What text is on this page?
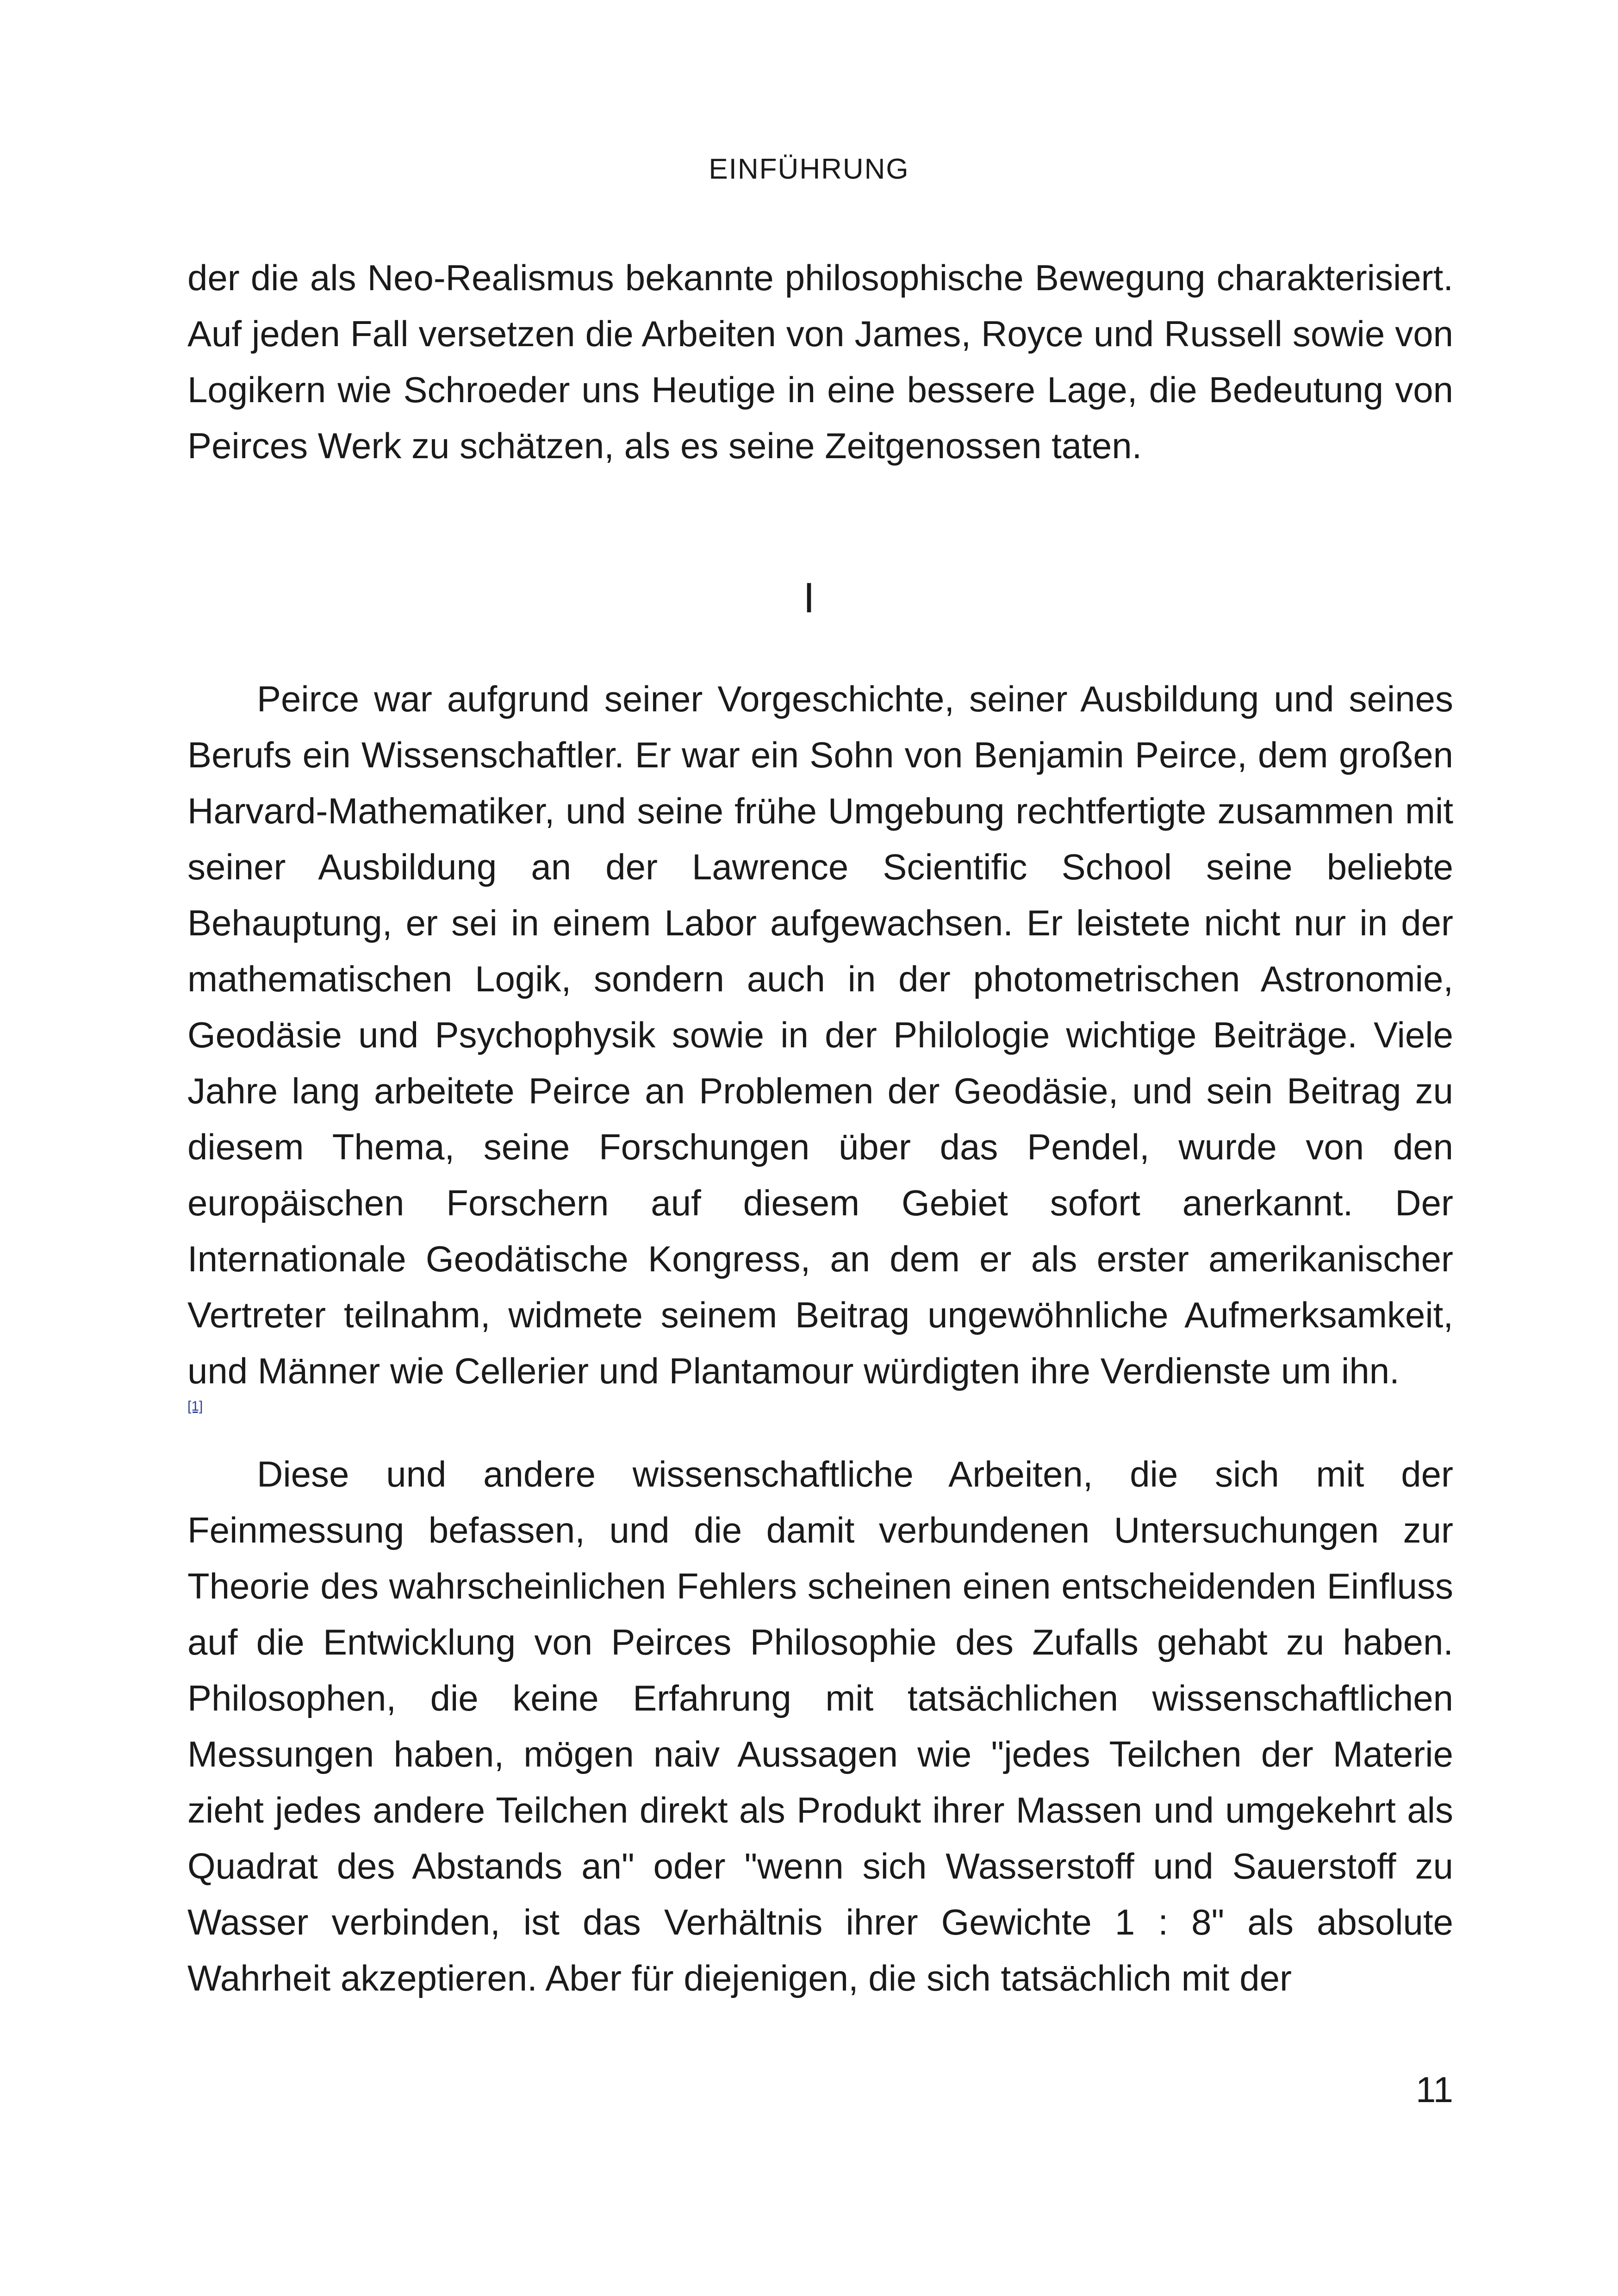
EINFÜHRUNG

der die als Neo-Realismus bekannte philosophische Bewegung charakterisiert. Auf jeden Fall versetzen die Arbeiten von James, Royce und Russell sowie von Logikern wie Schroeder uns Heutige in eine bessere Lage, die Bedeutung von Peirces Werk zu schätzen, als es seine Zeitgenossen taten.

I

Peirce war aufgrund seiner Vorgeschichte, seiner Ausbildung und seines Berufs ein Wissenschaftler. Er war ein Sohn von Benjamin Peirce, dem großen Harvard-Mathematiker, und seine frühe Umgebung rechtfertigte zusammen mit seiner Ausbildung an der Lawrence Scientific School seine beliebte Behauptung, er sei in einem Labor aufgewachsen. Er leistete nicht nur in der mathematischen Logik, sondern auch in der photometrischen Astronomie, Geodäsie und Psychophysik sowie in der Philologie wichtige Beiträge. Viele Jahre lang arbeitete Peirce an Problemen der Geodäsie, und sein Beitrag zu diesem Thema, seine Forschungen über das Pendel, wurde von den europäischen Forschern auf diesem Gebiet sofort anerkannt. Der Internationale Geodätische Kongress, an dem er als erster amerikanischer Vertreter teilnahm, widmete seinem Beitrag ungewöhnliche Aufmerksamkeit, und Männer wie Cellerier und Plantamour würdigten ihre Verdienste um ihn.

[1]

Diese und andere wissenschaftliche Arbeiten, die sich mit der Feinmessung befassen, und die damit verbundenen Untersuchungen zur Theorie des wahrscheinlichen Fehlers scheinen einen entscheidenden Einfluss auf die Entwicklung von Peirces Philosophie des Zufalls gehabt zu haben. Philosophen, die keine Erfahrung mit tatsächlichen wissenschaftlichen Messungen haben, mögen naiv Aussagen wie "jedes Teilchen der Materie zieht jedes andere Teilchen direkt als Produkt ihrer Massen und umgekehrt als Quadrat des Abstands an" oder "wenn sich Wasserstoff und Sauerstoff zu Wasser verbinden, ist das Verhältnis ihrer Gewichte 1 : 8" als absolute Wahrheit akzeptieren. Aber für diejenigen, die sich tatsächlich mit der

11
